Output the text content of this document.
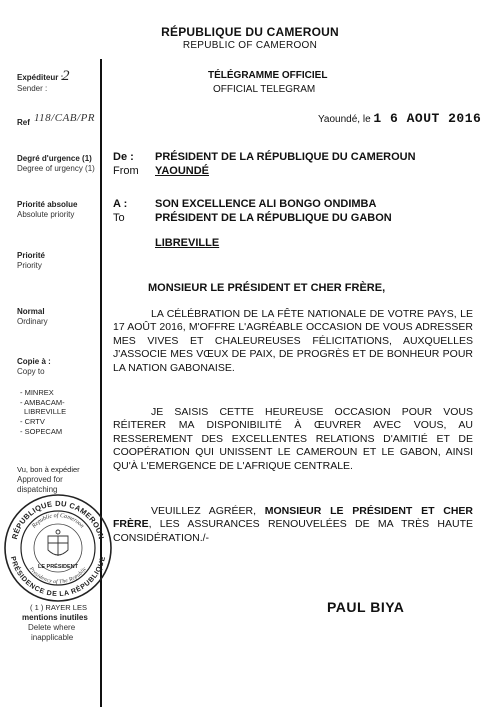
RÉPUBLIQUE DU CAMEROUN
REPUBLIC OF CAMEROON
Expéditeur :
Sender :
2
Ref 118/CAB/PR
Degré d'urgence (1)
Degree of urgency (1)
Priorité absolue
Absolute priority
Priorité
Priority
Normal
Ordinary
Copie à :
Copy to
- MINREX
- AMBACAM-
LIBREVILLE
- CRTV
- SOPECAM
Vu, bon à expédier
Approved for
dispatching
RÉPUBLIQUE DU CAMEROUN
PRÉSIDENCE DE LA RÉPUBLIQUE
Republic of Cameroon
Presidency of The Republic
LE PRÉSIDENT
( 1 ) RAYER LES
mentions inutiles
Delete where
inapplicable
TÉLÉGRAMME OFFICIEL
OFFICIAL TELEGRAM
Yaoundé, le 1 6 AOUT 2016
De :
From
PRÉSIDENT DE LA RÉPUBLIQUE DU CAMEROUN
YAOUNDÉ
A :
To
SON EXCELLENCE ALI BONGO ONDIMBA
PRÉSIDENT DE LA RÉPUBLIQUE DU GABON
LIBREVILLE
MONSIEUR LE PRÉSIDENT ET CHER FRÈRE,
LA CÉLÉBRATION DE LA FÊTE NATIONALE DE VOTRE PAYS, LE 17 AOÛT 2016, M'OFFRE L'AGRÉABLE OCCASION DE VOUS ADRESSER MES VIVES ET CHALEUREUSES FÉLICITATIONS, AUXQUELLES J'ASSOCIE MES VŒUX DE PAIX, DE PROGRÈS ET DE BONHEUR POUR LA NATION GABONAISE.
JE SAISIS CETTE HEUREUSE OCCASION POUR VOUS RÉITERER MA DISPONIBILITÉ À ŒUVRER AVEC VOUS, AU RESSEREMENT DES EXCELLENTES RELATIONS D'AMITIÉ ET DE COOPÉRATION QUI UNISSENT LE CAMEROUN ET LE GABON, AINSI QU'À L'EMERGENCE DE L'AFRIQUE CENTRALE.
VEUILLEZ AGRÉER, MONSIEUR LE PRÉSIDENT ET CHER FRÈRE, LES ASSURANCES RENOUVELÉES DE MA TRÈS HAUTE CONSIDÉRATION./-
PAUL BIYA
